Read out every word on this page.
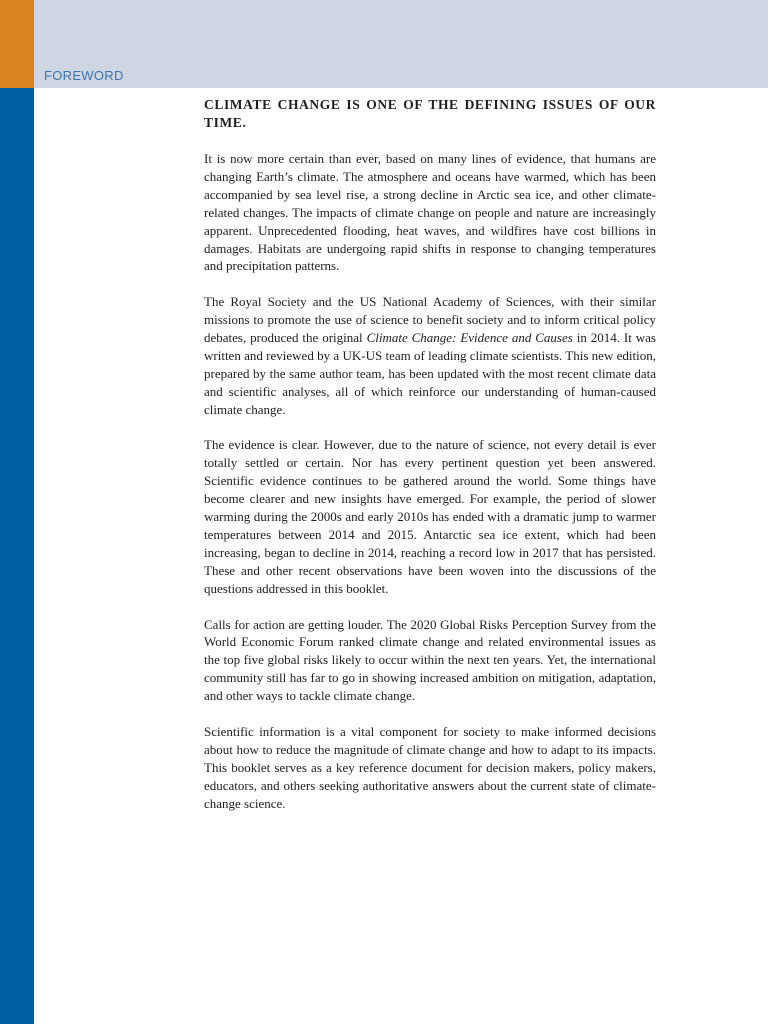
FOREWORD

CLIMATE CHANGE IS ONE OF THE DEFINING ISSUES OF OUR TIME.

It is now more certain than ever, based on many lines of evidence, that humans are changing Earth’s climate. The atmosphere and oceans have warmed, which has been accompanied by sea level rise, a strong decline in Arctic sea ice, and other climate-related changes. The impacts of climate change on people and nature are increasingly apparent. Unprecedented flooding, heat waves, and wildfires have cost billions in damages. Habitats are undergoing rapid shifts in response to changing temperatures and precipitation patterns.

The Royal Society and the US National Academy of Sciences, with their similar missions to promote the use of science to benefit society and to inform critical policy debates, produced the original Climate Change: Evidence and Causes in 2014. It was written and reviewed by a UK-US team of leading climate scientists. This new edition, prepared by the same author team, has been updated with the most recent climate data and scientific analyses, all of which reinforce our understanding of human-caused climate change.

The evidence is clear. However, due to the nature of science, not every detail is ever totally settled or certain. Nor has every pertinent question yet been answered. Scientific evidence continues to be gathered around the world. Some things have become clearer and new insights have emerged. For example, the period of slower warming during the 2000s and early 2010s has ended with a dramatic jump to warmer temperatures between 2014 and 2015. Antarctic sea ice extent, which had been increasing, began to decline in 2014, reaching a record low in 2017 that has persisted. These and other recent observations have been woven into the discussions of the questions addressed in this booklet.

Calls for action are getting louder. The 2020 Global Risks Perception Survey from the World Economic Forum ranked climate change and related environmental issues as the top five global risks likely to occur within the next ten years. Yet, the international community still has far to go in showing increased ambition on mitigation, adaptation, and other ways to tackle climate change.

Scientific information is a vital component for society to make informed decisions about how to reduce the magnitude of climate change and how to adapt to its impacts. This booklet serves as a key reference document for decision makers, policy makers, educators, and others seeking authoritative answers about the current state of climate-change science.
